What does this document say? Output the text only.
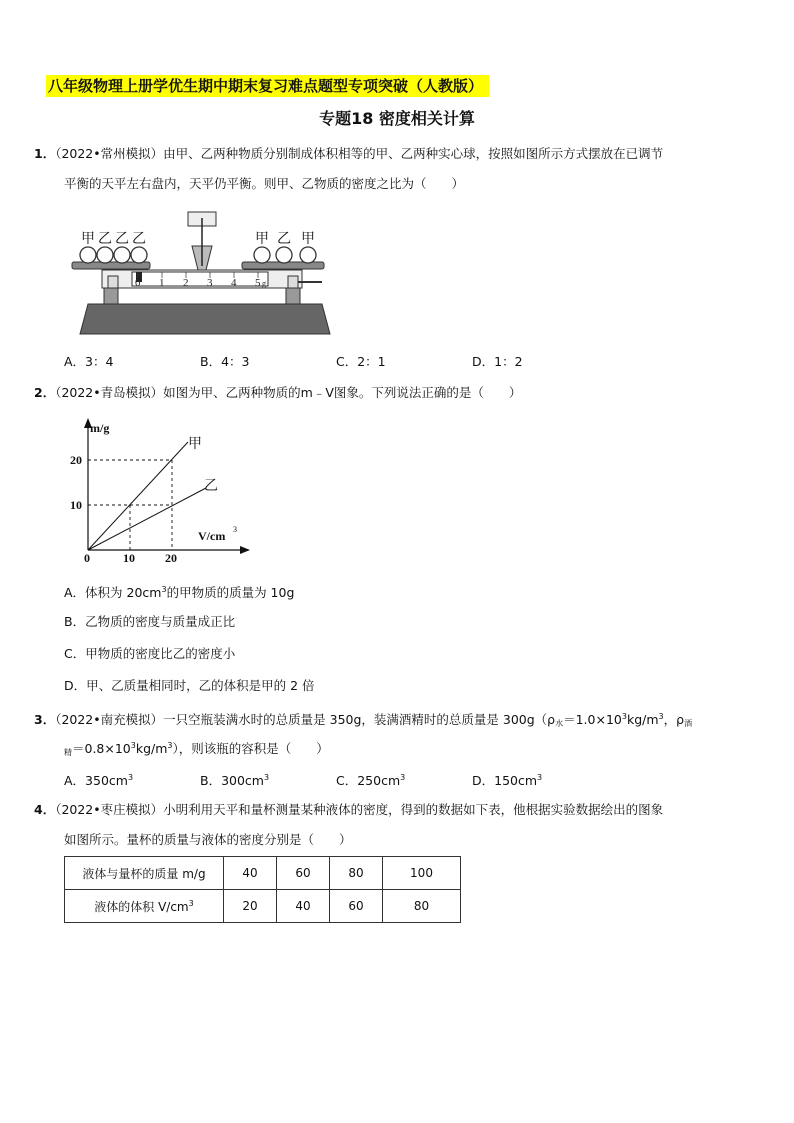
八年级物理上册学优生期中期末复习难点题型专项突破（人教版）
专题18 密度相关计算
1．（2022•常州模拟）由甲、乙两种物质分别制成体积相等的甲、乙两种实心球，按照如图所示方式摆放在已调节
平衡的天平左右盘内，天平仍平衡。则甲、乙物质的密度之比为（　　）
0 1 2 3 4 5 g
甲 乙 乙 乙	甲 乙 甲
A．3：4	B．4：3	C．2：1	D．1：2
2．（2022•青岛模拟）如图为甲、乙两种物质的m﹣V图象。下列说法正确的是（　　）
m/g
V/cm 3
0	10	20
10
20
甲
乙
A．体积为 $20cm^3$的甲物质的质量为 10g
B．乙物质的密度与质量成正比
C．甲物质的密度比乙的密度小
D．甲、乙质量相同时，乙的体积是甲的 2 倍
3．（2022•南充模拟）一只空瓶装满水时的总质量是 350g，装满酒精时的总质量是 $300g(\rho_水=1.0\times 10^3kg/m^3$，$\rho_酒$
$_精=0.8\times 10^3kg/m^3$），则该瓶的容积是（　　）
A．$350cm^3$	B．$300cm^3$	C．$250cm^3$	D．$150cm^3$
4．（2022•枣庄模拟）小明利用天平和量杯测量某种液体的密度，得到的数据如下表，他根据实验数据绘出的图象
如图所示。量杯的质量与液体的密度分别是（　　）
液体与量杯的质量 m/g	40	60	80	100
液体的体积 $V/cm^3$	20	40	60	80
